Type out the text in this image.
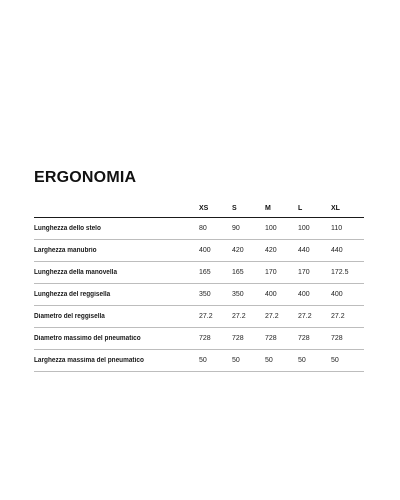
ERGONOMIA
	XS	S	M	L	XL
Lunghezza dello stelo	80	90	100	100	110
Larghezza manubrio	400	420	420	440	440
Lunghezza della manovella	165	165	170	170	172.5
Lunghezza del reggisella	350	350	400	400	400
Diametro del reggisella	27.2	27.2	27.2	27.2	27.2
Diametro massimo del pneumatico	728	728	728	728	728
Larghezza massima del pneumatico	50	50	50	50	50
